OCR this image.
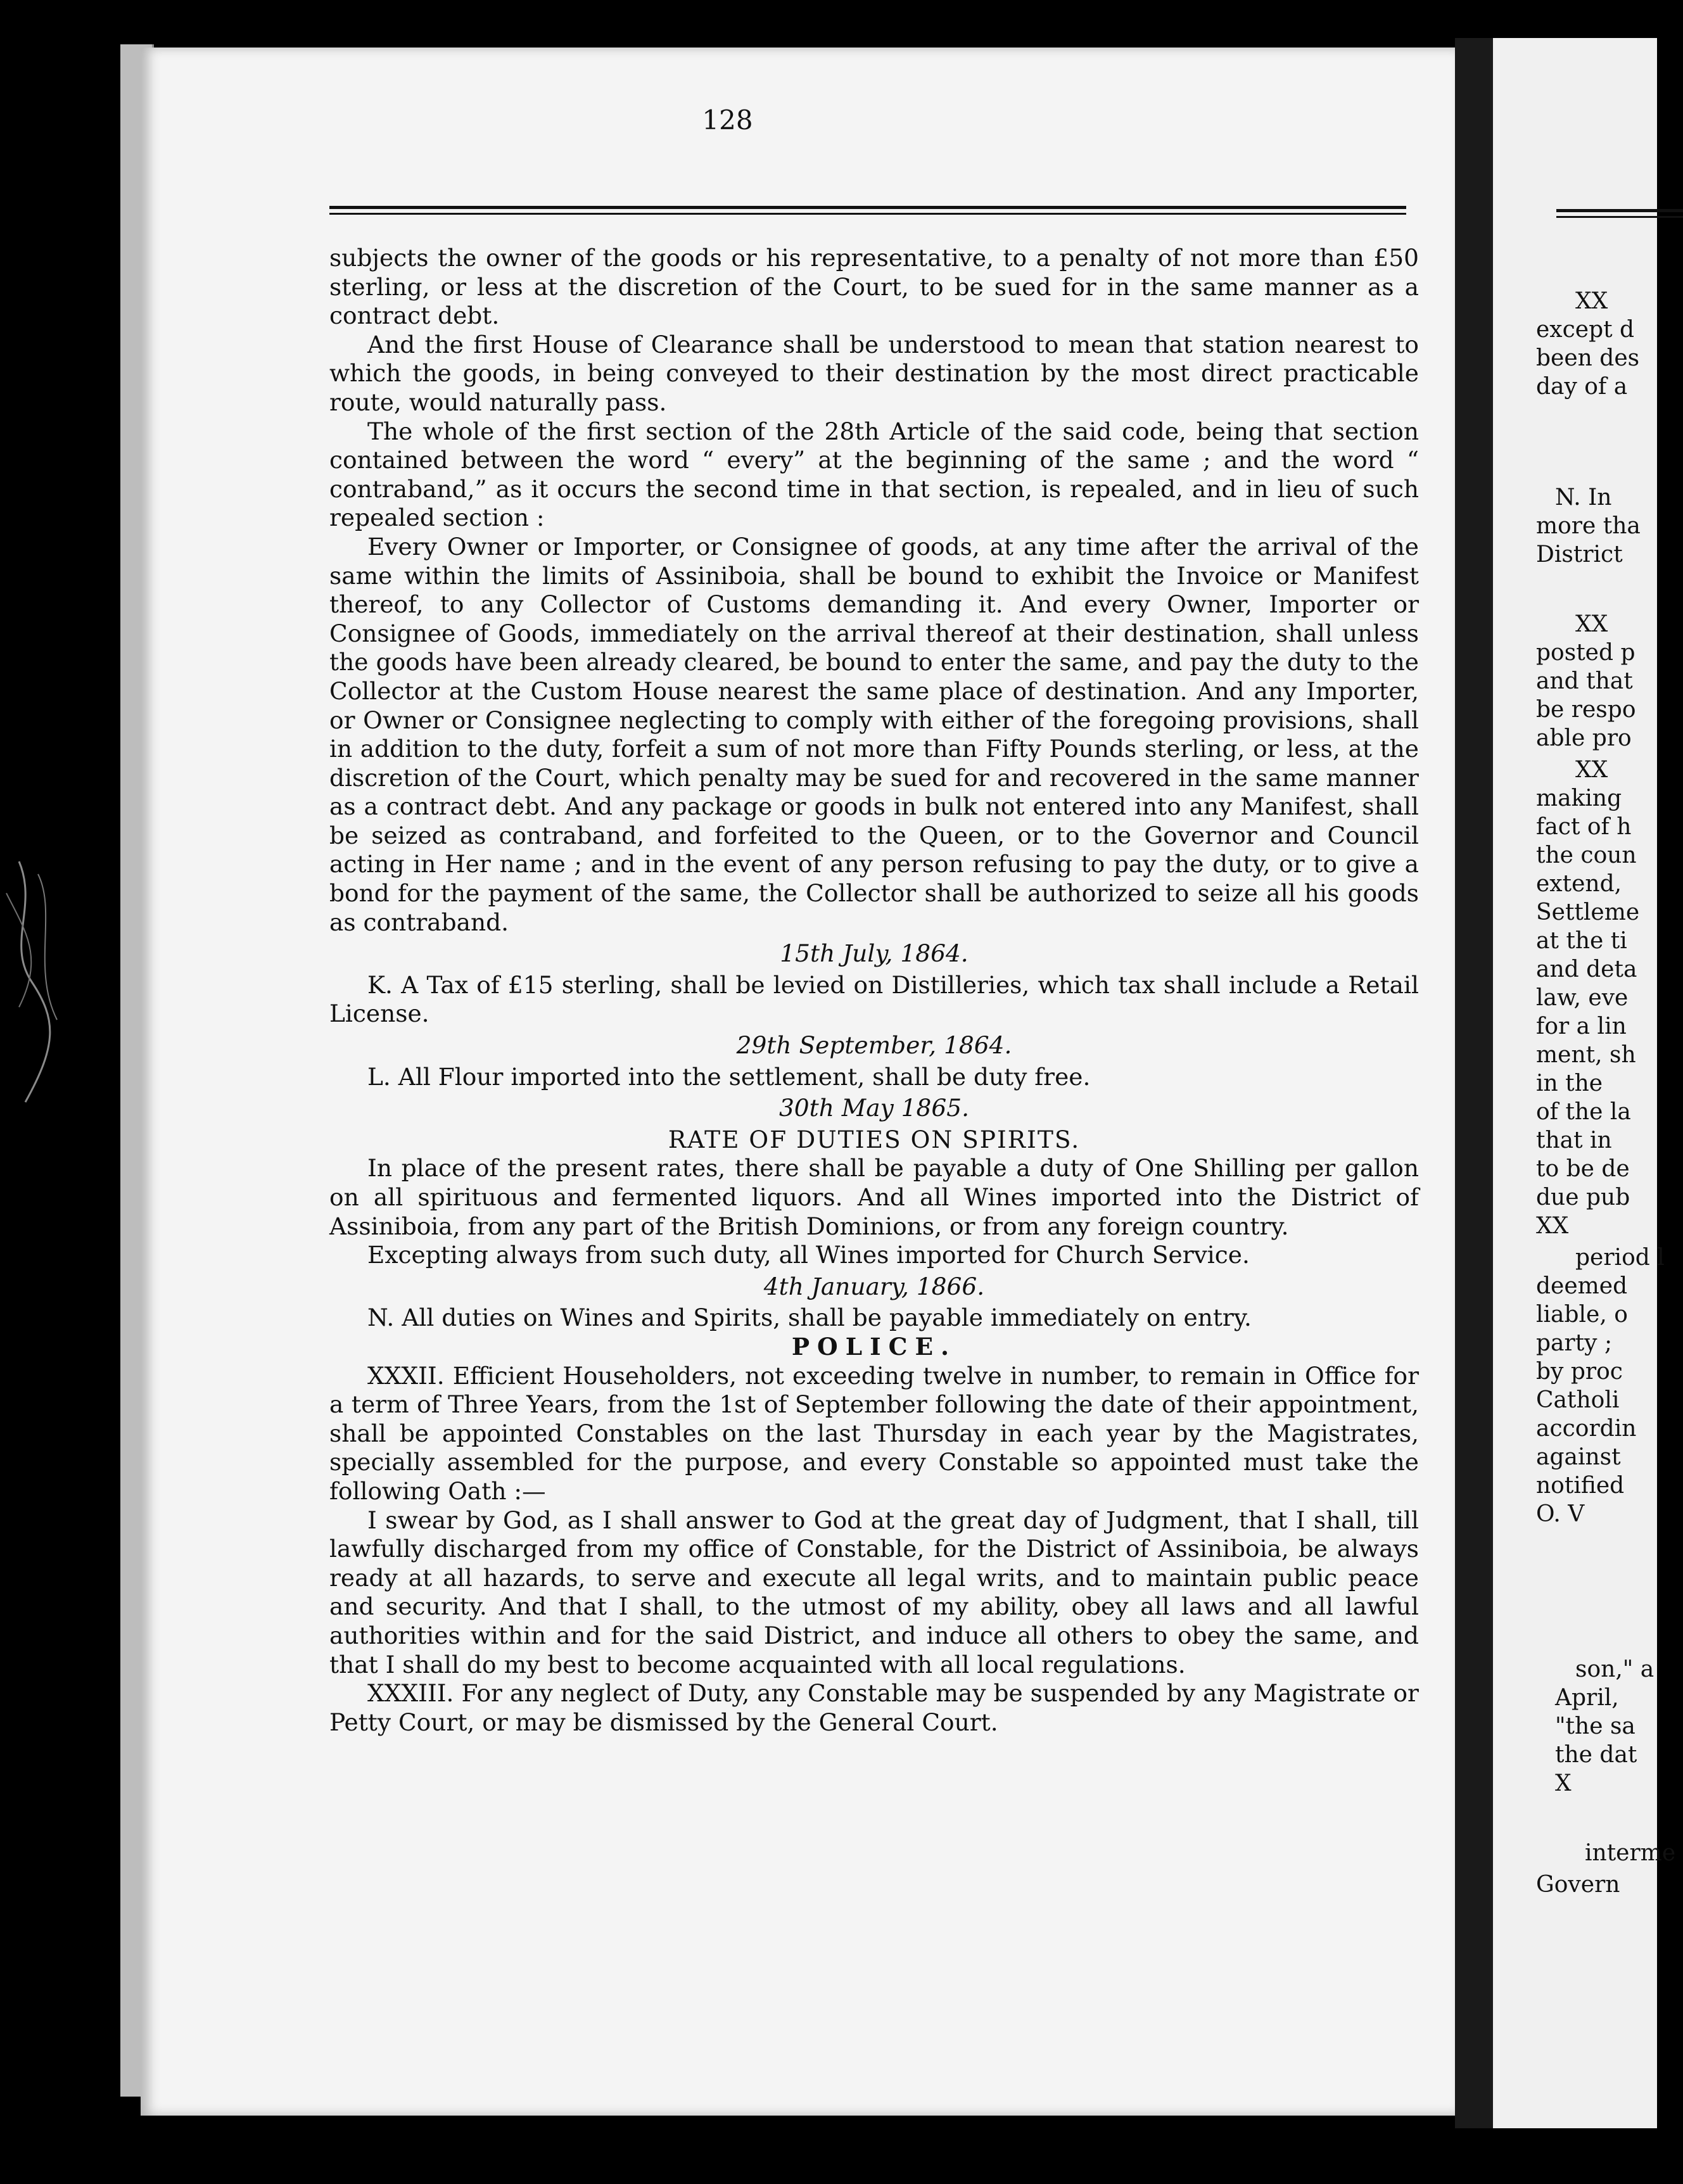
128

subjects the owner of the goods or his representative, to a penalty of not more than £50 sterling, or less at the discretion of the Court, to be sued for in the same manner as a contract debt.

And the first House of Clearance shall be understood to mean that station nearest to which the goods, in being conveyed to their destination by the most direct practicable route, would naturally pass.

The whole of the first section of the 28th Article of the said code, being that section contained between the word “ every” at the beginning of the same ; and the word “ contraband,” as it occurs the second time in that section, is repealed, and in lieu of such repealed section :

Every Owner or Importer, or Consignee of goods, at any time after the arrival of the same within the limits of Assiniboia, shall be bound to exhibit the Invoice or Manifest thereof, to any Collector of Customs demanding it. And every Owner, Importer or Consignee of Goods, immediately on the arrival thereof at their destination, shall unless the goods have been already cleared, be bound to enter the same, and pay the duty to the Collector at the Custom House nearest the same place of destination. And any Importer, or Owner or Consignee neglecting to comply with either of the foregoing provisions, shall in addition to the duty, forfeit a sum of not more than Fifty Pounds sterling, or less, at the discretion of the Court, which penalty may be sued for and recovered in the same manner as a contract debt. And any package or goods in bulk not entered into any Manifest, shall be seized as contraband, and forfeited to the Queen, or to the Governor and Council acting in Her name ; and in the event of any person refusing to pay the duty, or to give a bond for the payment of the same, the Collector shall be authorized to seize all his goods as contraband.

15th July, 1864.

K. A Tax of £15 sterling, shall be levied on Distilleries, which tax shall include a Retail License.

29th September, 1864.

L. All Flour imported into the settlement, shall be duty free.

30th May 1865.

RATE OF DUTIES ON SPIRITS.

In place of the present rates, there shall be payable a duty of One Shilling per gallon on all spirituous and fermented liquors. And all Wines imported into the District of Assiniboia, from any part of the British Dominions, or from any foreign country.

Excepting always from such duty, all Wines imported for Church Service.

4th January, 1866.

N. All duties on Wines and Spirits, shall be payable immediately on entry.

POLICE.

XXXII. Efficient Householders, not exceeding twelve in number, to remain in Office for a term of Three Years, from the 1st of September following the date of their appointment, shall be appointed Constables on the last Thursday in each year by the Magistrates, specially assembled for the purpose, and every Constable so appointed must take the following Oath :—

I swear by God, as I shall answer to God at the great day of Judgment, that I shall, till lawfully discharged from my office of Constable, for the District of Assiniboia, be always ready at all hazards, to serve and execute all legal writs, and to maintain public peace and security. And that I shall, to the utmost of my ability, obey all laws and all lawful authorities within and for the said District, and induce all others to obey the same, and that I shall do my best to become acquainted with all local regulations.

XXXIII. For any neglect of Duty, any Constable may be suspended by any Magistrate or Petty Court, or may be dismissed by the General Court.

XX
except d
been des
day of a
N. In
more tha
District
XX
posted p
and that
be respo
able pro
XX
making
fact of h
the coun
extend,
Settleme
at the ti
and deta
law, eve
for a lin
ment, sh
in the
of the la
that in
to be de
due pub
XX
period l
deemed
liable, o
party ;
by proc
Catholi
accordin
against
notified
O. V
son," a
April,
"the sa
the dat
X
interme
Govern
